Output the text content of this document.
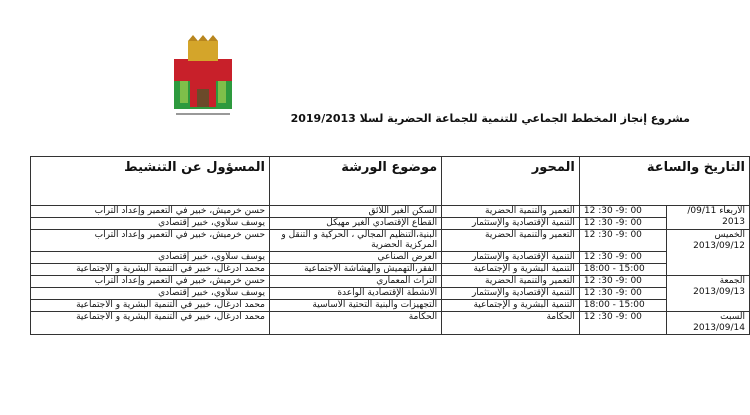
مشروع إنجاز المخطط الجماعي للتنمية للجماعة الحضرية لسلا 2019/2013
التاريخ والساعة		المحور	موضوع الورشة	المسؤول عن التنشيط
الأربعاء 09/11/
2013	00 :9- 30: 12	التعمير والتنمية الحضرية	السكن الغير اللائق	حسن خرميش، خبير في التعمير وإعداد التراب
	00 :9- 30: 12	التنمية الإقتصادية والإستثمار	القطاع الإقتصادي الغير مهيكل	يوسف سلاوي، خبير إقتصادي
الخميس
2013/09/12	00 :9- 30: 12	التعمير والتنمية الحضرية	البنية،التنظيم المجالي ، الحركية و التنقل و المركزية الحضرية	حسن خرميش، خبير في التعمير وإعداد التراب
	00 :9- 30: 12	التنمية الإقتصادية والإستثمار	العرض الصناعي	يوسف سلاوي، خبير إقتصادي
	15:00 - 18:00	التنمية البشرية و الإجتماعية	الفقر،التهميش والهشاشة الاجتماعية	محمد أدرغال، خبير في التنمية البشرية و الاجتماعية
الجمعة
2013/09/13	00 :9- 30: 12	التعمير والتنمية الحضرية	التراث المعماري	حسن خرميش، خبير في التعمير وإعداد التراب
	00 :9- 30: 12	التنمية الإقتصادية والإستثمار	الأنشطة الإقتصادية الواعدة	يوسف سلاوي، خبير إقتصادي
	15:00 - 18:00	التنمية البشرية و الإجتماعية	التجهيزات والبنية التحتية الأساسية	محمد أدرغال، خبير في التنمية البشرية و الاجتماعية
السبت
2013/09/14	00 :9- 30: 12	الحكامة	الحكامة	محمد أدرغال، خبير في التنمية البشرية و الاجتماعية
